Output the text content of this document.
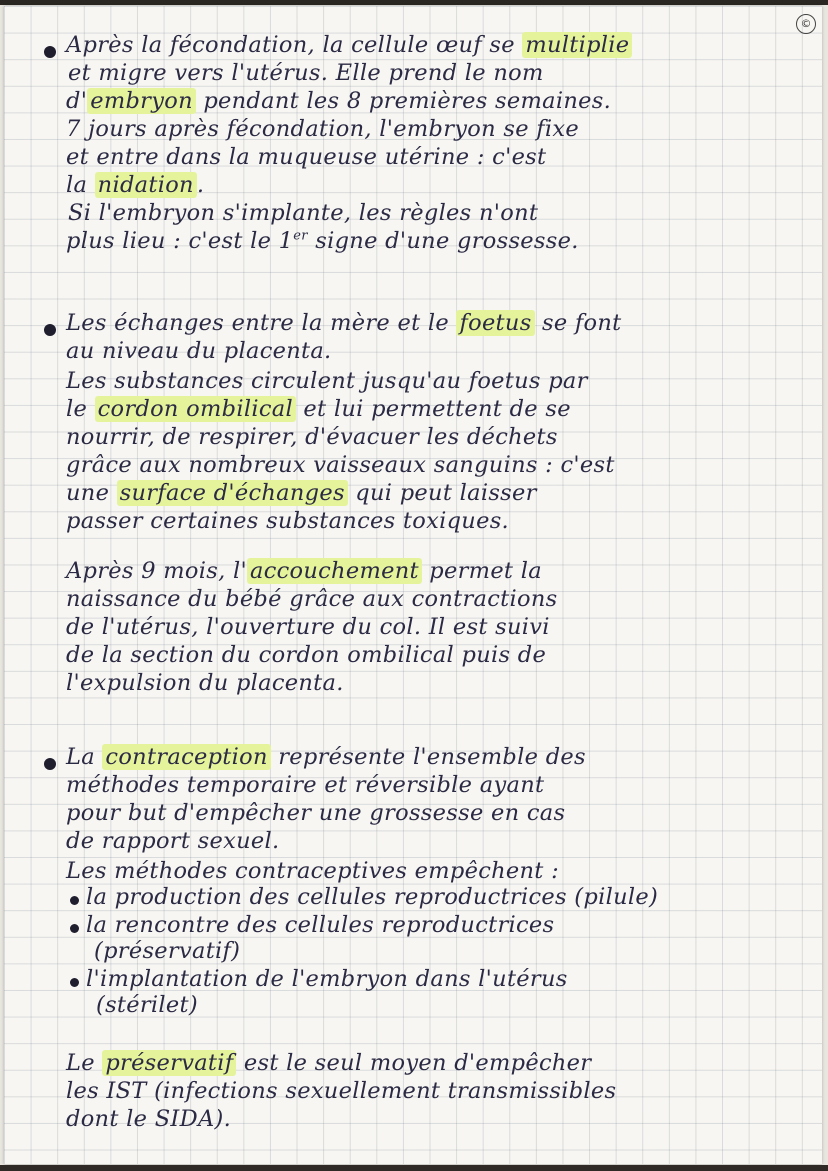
©
Après la fécondation, la cellule œuf se multiplie
et migre vers l'utérus. Elle prend le nom
d' embryon pendant les 8 premières semaines.
7 jours après fécondation, l'embryon se fixe
et entre dans la muqueuse utérine : c'est
la nidation .
Si l'embryon s'implante, les règles n'ont
plus lieu : c'est le 1er signe d'une grossesse.
Les échanges entre la mère et le foetus se font
au niveau du placenta.
Les substances circulent jusqu'au foetus par
le cordon ombilical et lui permettent de se
nourrir, de respirer, d'évacuer les déchets
grâce aux nombreux vaisseaux sanguins : c'est
une surface d'échanges qui peut laisser
passer certaines substances toxiques.
Après 9 mois, l' accouchement permet la
naissance du bébé grâce aux contractions
de l'utérus, l'ouverture du col. Il est suivi
de la section du cordon ombilical puis de
l'expulsion du placenta.
La contraception représente l'ensemble des
méthodes temporaire et réversible ayant
pour but d'empêcher une grossesse en cas
de rapport sexuel.
Les méthodes contraceptives empêchent :
la production des cellules reproductrices (pilule)
la rencontre des cellules reproductrices
(préservatif)
l'implantation de l'embryon dans l'utérus
(stérilet)
Le préservatif est le seul moyen d'empêcher
les IST (infections sexuellement transmissibles
dont le SIDA).
